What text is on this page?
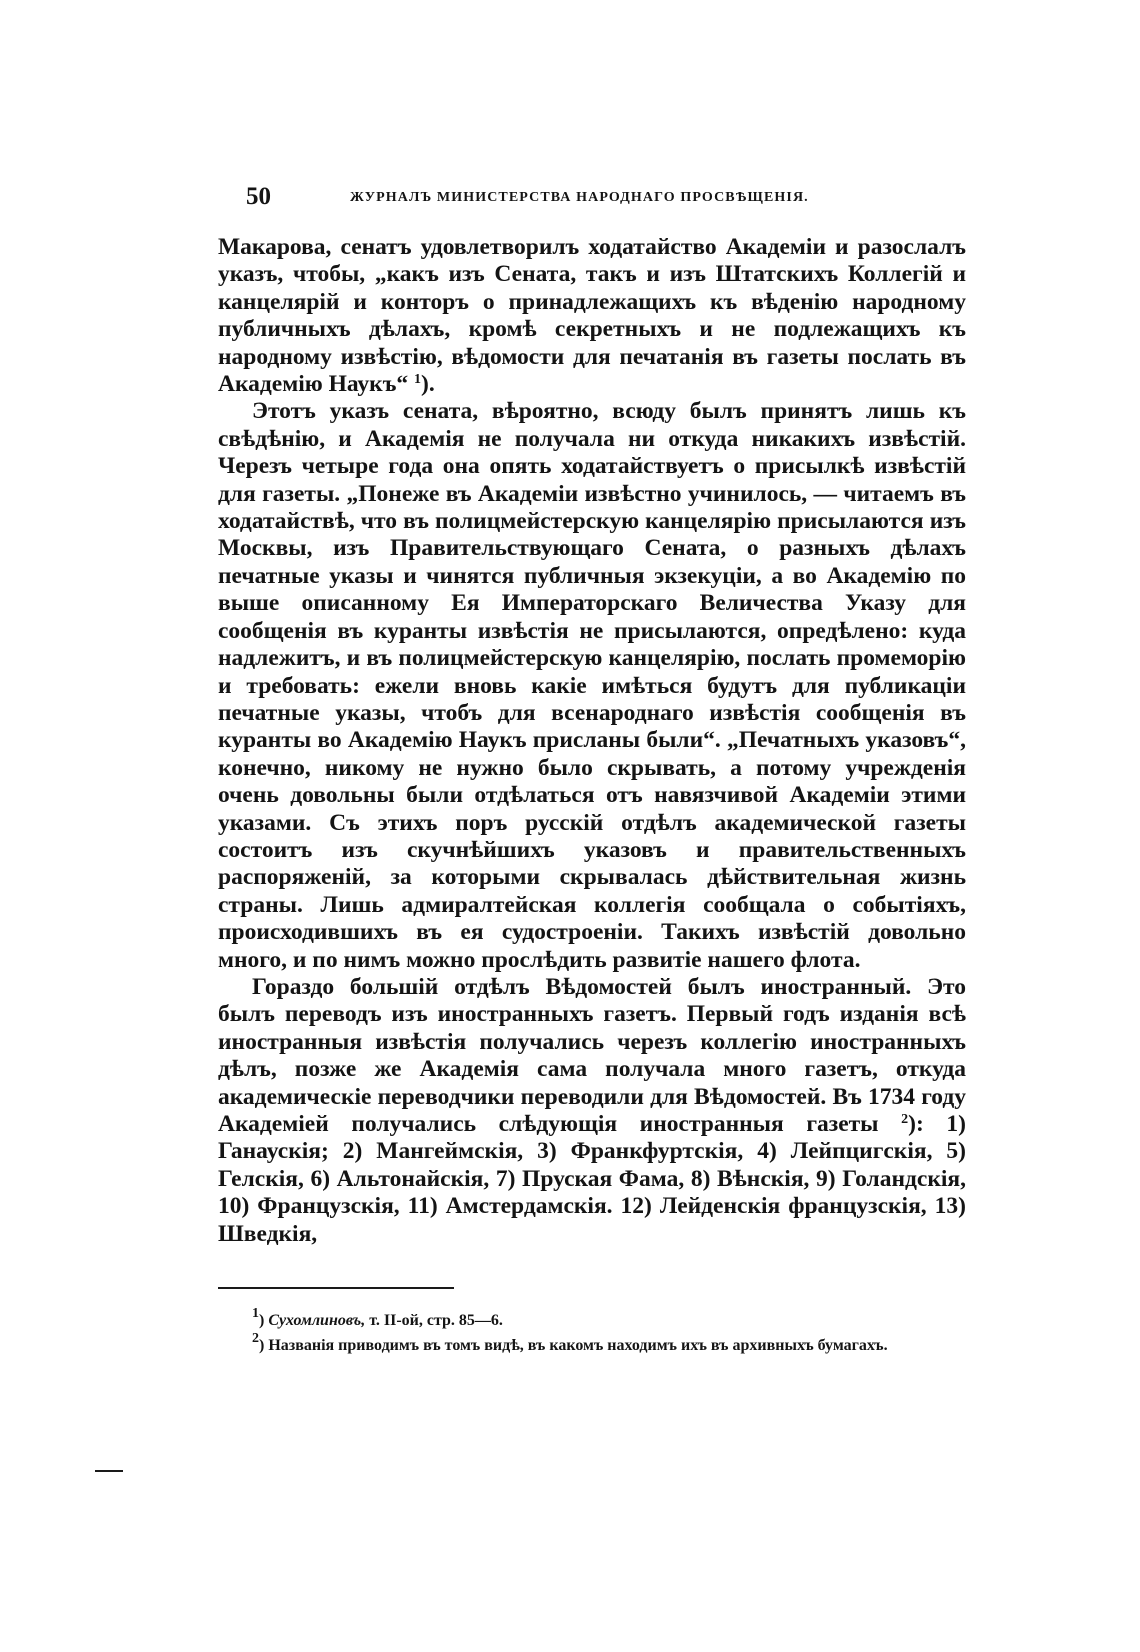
50	ЖУРНАЛЪ МИНИСТЕРСТВА НАРОДНАГО ПРОСВѢЩЕНІЯ.

Макарова, сенатъ удовлетворилъ ходатайство Академіи и разослалъ указъ, чтобы, „какъ изъ Сената, такъ и изъ Штатскихъ Коллегій и канцелярій и конторъ о принадлежащихъ къ вѣденію народному публичныхъ дѣлахъ, кромѣ секретныхъ и не подлежащихъ къ народному извѣстію, вѣдомости для печатанія въ газеты послать въ Академію Наукъ“ $^1$).

Этотъ указъ сената, вѣроятно, всюду былъ принятъ лишь къ свѣдѣнію, и Академія не получала ни откуда никакихъ извѣстій. Черезъ четыре года она опять ходатайствуетъ о присылкѣ извѣстій для газеты. „Понеже въ Академіи извѣстно учинилось, — читаемъ въ ходатайствѣ, что въ полицмейстерскую канцелярію присылаются изъ Москвы, изъ Правительствующаго Сената, о разныхъ дѣлахъ печатные указы и чинятся публичныя экзекуціи, а во Академію по выше описанному Ея Императорскаго Величества Указу для сообщенія въ куранты извѣстія не присылаются, опредѣлено: куда надлежитъ, и въ полицмейстерскую канцелярію, послать промеморію и требовать: ежели вновь какіе имѣться будутъ для публикаціи печатные указы, чтобъ для всенароднаго извѣстія сообщенія въ куранты во Академію Наукъ присланы были“. „Печатныхъ указовъ“, конечно, никому не нужно было скрывать, а потому учрежденія очень довольны были отдѣлаться отъ навязчивой Академіи этими указами. Съ этихъ поръ русскій отдѣлъ академической газеты состоитъ изъ скучнѣйшихъ указовъ и правительственныхъ распоряженій, за которыми скрывалась дѣйствительная жизнь страны. Лишь адмиралтейская коллегія сообщала о событіяхъ, происходившихъ въ ея судостроеніи. Такихъ извѣстій довольно много, и по нимъ можно прослѣдить развитіе нашего флота.

Гораздо большій отдѣлъ Вѣдомостей былъ иностранный. Это былъ переводъ изъ иностранныхъ газетъ. Первый годъ изданія всѣ иностранныя извѣстія получались черезъ коллегію иностранныхъ дѣлъ, позже же Академія сама получала много газетъ, откуда академическіе переводчики переводили для Вѣдомостей. Въ 1734 году Академіей получались слѣдующія иностранныя газеты $^2$): 1) Ганаускія; 2) Мангеймскія, 3) Франкфуртскія, 4) Лейпцигскія, 5) Гелскія, 6) Альтонайскія, 7) Пруская Фама, 8) Вѣнскія, 9) Голандскія, 10) Французскія, 11) Амстердамскія. 12) Лейденскія французскія, 13) Шведкія,

$^1$) Сухомлиновъ, т. II-ой, стр. 85—6.

$^2$) Названія приводимъ въ томъ видѣ, въ какомъ находимъ ихъ въ архивныхъ бумагахъ.
